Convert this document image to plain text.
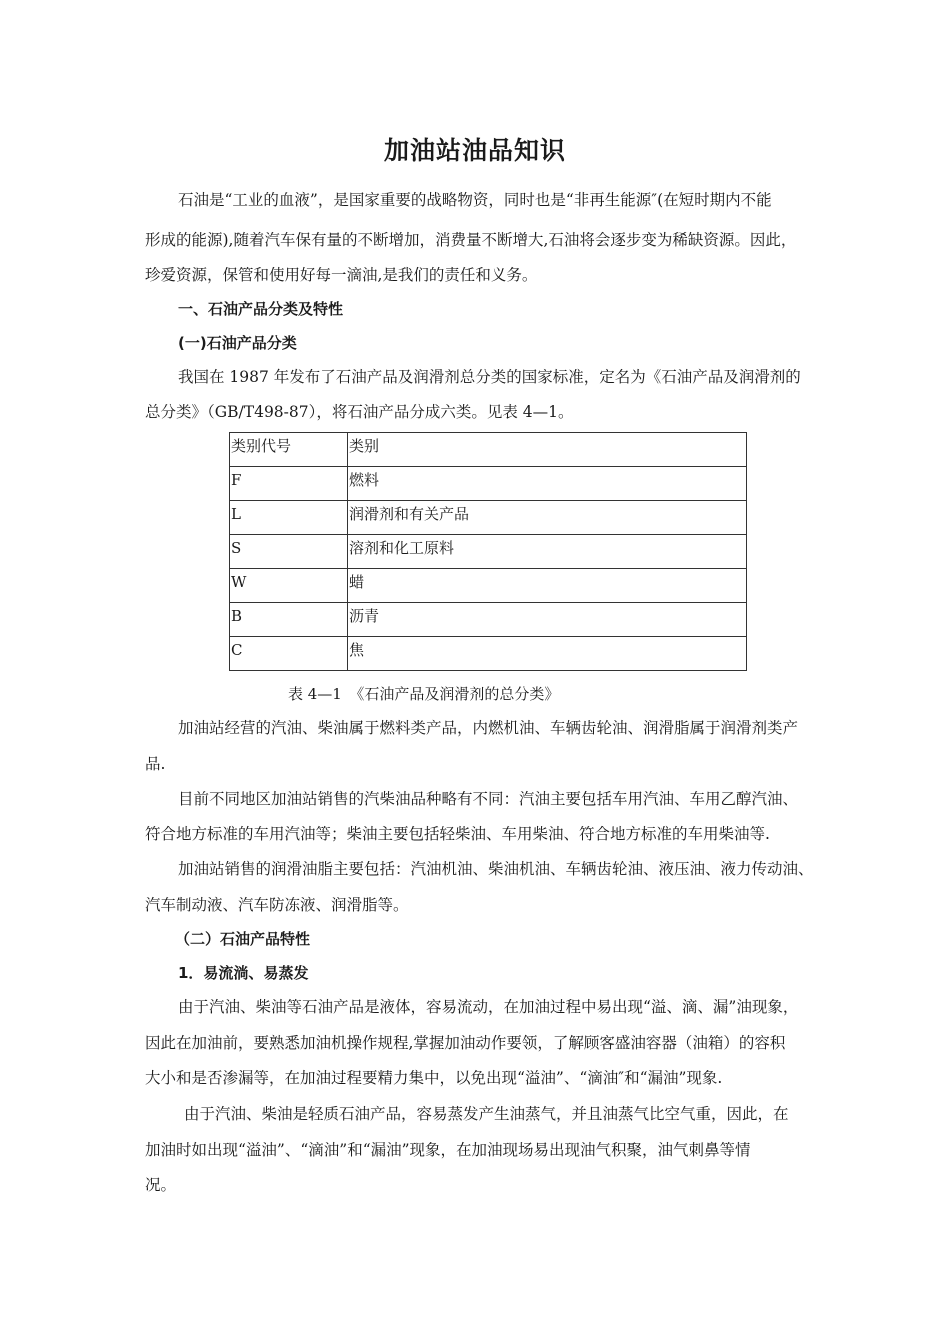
加油站油品知识

石油是“工业的血液”，是国家重要的战略物资，同时也是“非再生能源″(在短时期内不能

形成的能源),随着汽车保有量的不断增加，消费量不断增大,石油将会逐步变为稀缺资源。因此，

珍爱资源，保管和使用好每一滴油,是我们的责任和义务。

一、石油产品分类及特性

(一)石油产品分类

我国在 1987 年发布了石油产品及润滑剂总分类的国家标准，定名为《石油产品及润滑剂的

总分类》（GB/T498-87），将石油产品分成六类。见表 4—1。

类别代号	类别
F	燃料
L	润滑剂和有关产品
S	溶剂和化工原料
W	蜡
B	沥青
C	焦
表 4—1　《石油产品及润滑剂的总分类》

加油站经营的汽油、柴油属于燃料类产品，内燃机油、车辆齿轮油、润滑脂属于润滑剂类产

品.

目前不同地区加油站销售的汽柴油品种略有不同：汽油主要包括车用汽油、车用乙醇汽油、

符合地方标准的车用汽油等；柴油主要包括轻柴油、车用柴油、符合地方标准的车用柴油等.

加油站销售的润滑油脂主要包括：汽油机油、柴油机油、车辆齿轮油、液压油、液力传动油、

汽车制动液、汽车防冻液、润滑脂等。

（二）石油产品特性

1．易流淌、易蒸发

由于汽油、柴油等石油产品是液体，容易流动，在加油过程中易出现“溢、滴、漏”油现象，

因此在加油前，要熟悉加油机操作规程,掌握加油动作要领，了解顾客盛油容器（油箱）的容积

大小和是否渗漏等，在加油过程要精力集中，以免出现“溢油”、“滴油″和“漏油”现象.

由于汽油、柴油是轻质石油产品，容易蒸发产生油蒸气，并且油蒸气比空气重，因此，在

加油时如出现“溢油”、“滴油”和“漏油”现象，在加油现场易出现油气积聚，油气刺鼻等情

况。
